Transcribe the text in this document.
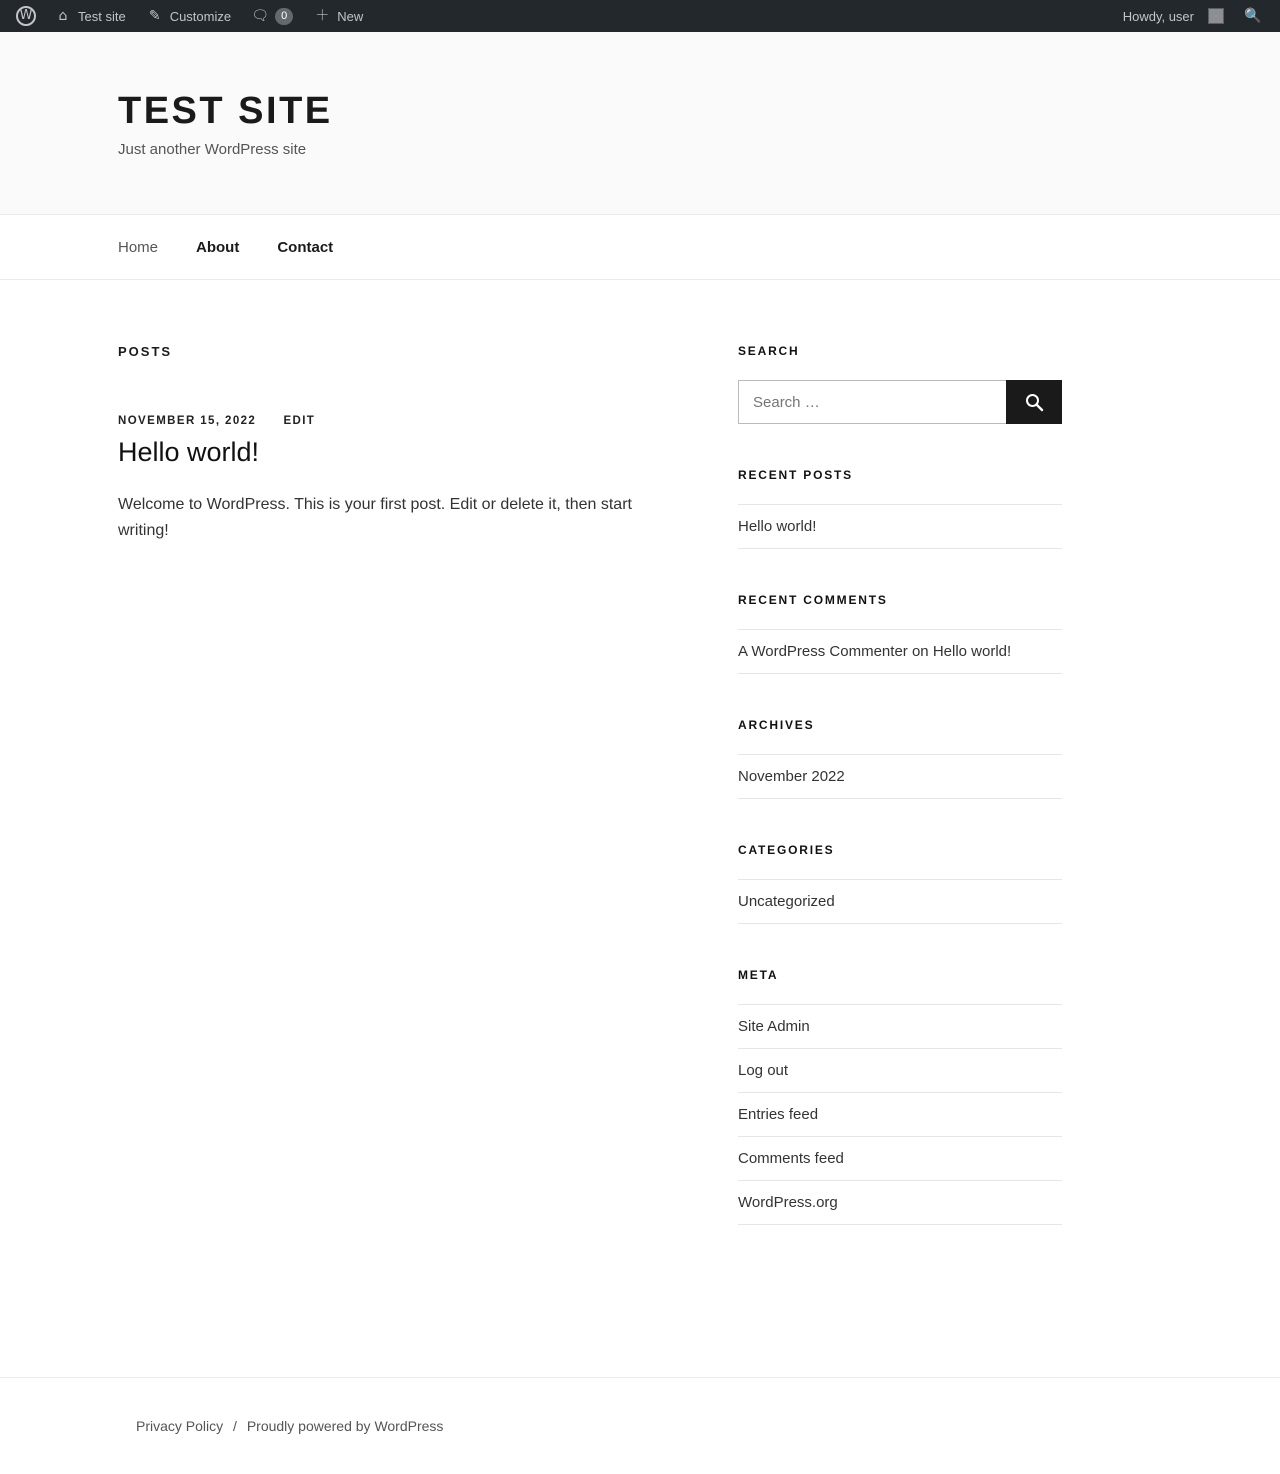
W	⌂ Test site ✎ Customize 🗨	0	＋ New	Howdy, user	🔍
TEST SITE

Just another WordPress site

Home	About	Contact
POSTS
NOVEMBER 15, 2022 EDIT
Hello world!

Welcome to WordPress. This is your first post. Edit or delete it, then start writing!

SEARCH
Search …
RECENT POSTS
Hello world!
RECENT COMMENTS
A WordPress Commenter on Hello world!
ARCHIVES
November 2022
CATEGORIES
Uncategorized
META
Site Admin
Log out
Entries feed
Comments feed
WordPress.org
Privacy Policy / Proudly powered by WordPress
